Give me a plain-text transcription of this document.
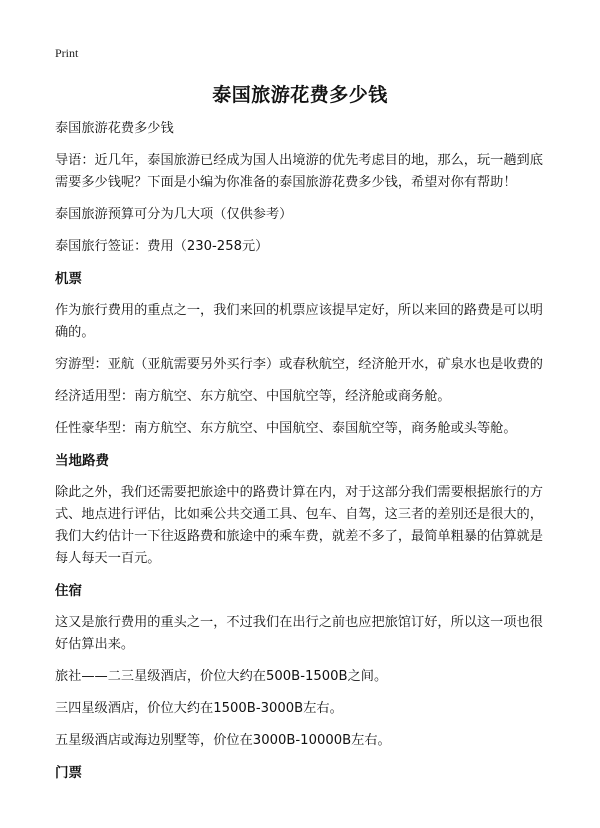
Print
泰国旅游花费多少钱
泰国旅游花费多少钱
导语：近几年，泰国旅游已经成为国人出境游的优先考虑目的地，那么，玩一趟到底需要多少钱呢？下面是小编为你准备的泰国旅游花费多少钱，希望对你有帮助！
泰国旅游预算可分为几大项（仅供参考）
泰国旅行签证：费用（230-258元）
机票
作为旅行费用的重点之一，我们来回的机票应该提早定好，所以来回的路费是可以明确的。
穷游型：亚航（亚航需要另外买行李）或春秋航空，经济舱开水，矿泉水也是收费的
经济适用型：南方航空、东方航空、中国航空等，经济舱或商务舱。
任性豪华型：南方航空、东方航空、中国航空、泰国航空等，商务舱或头等舱。
当地路费
除此之外，我们还需要把旅途中的路费计算在内，对于这部分我们需要根据旅行的方式、地点进行评估，比如乘公共交通工具、包车、自驾，这三者的差别还是很大的，我们大约估计一下往返路费和旅途中的乘车费，就差不多了，最简单粗暴的估算就是每人每天一百元。
住宿
这又是旅行费用的重头之一，不过我们在出行之前也应把旅馆订好，所以这一项也很好估算出来。
旅社——二三星级酒店，价位大约在500B-1500B之间。
三四星级酒店，价位大约在1500B-3000B左右。
五星级酒店或海边别墅等，价位在3000B-10000B左右。
门票
